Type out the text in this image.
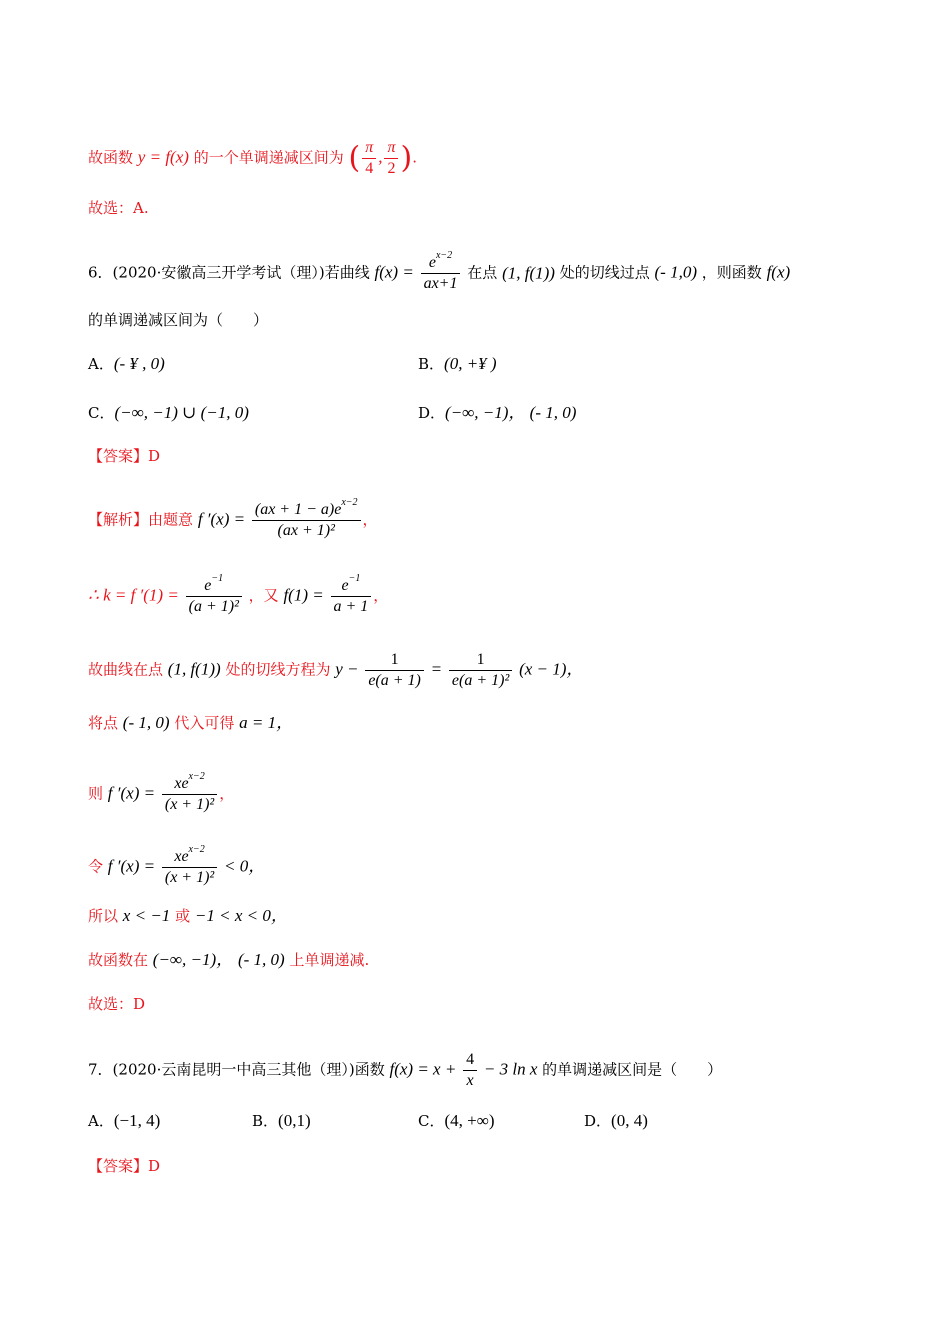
故函数 y = f(x) 的一个单调递减区间为 ( $\frac{\pi}{4}$ , $\frac{\pi}{2}$ ).
故选：A.
6．(2020·安徽高三开学考试（理）)若曲线 $f(x) = \frac{e^{x-2}}{ax+1}$ 在点 (1, f(1)) 处的切线过点 (- 1,0) ，则函数 f(x)
的单调递减区间为（　　）
A．(- ¥ , 0)	B．(0, +¥ )
C．(−∞, −1) ∪ (−1, 0)	D．(−∞, −1)， (- 1, 0)
【答案】D
【解析】由题意 f $'(x) = \frac{(ax + 1 - a)e^{x-2}}{\text{(ax + 1)²}}$ ，
∴ k = f $'(1) = \frac{e^{-1}}{\text{(a + 1)²}}$ ，又 $f(1) = \frac{e^{-1}}{a + 1}$ ，
故曲线在点 (1, f(1)) 处的切线方程为 $y - \frac{1}{e(a + 1)} = \frac{1}{\text{e(a + 1)²}} (x - 1)$，
将点 (- 1, 0) 代入可得 a = 1，
则 f $'(x) = \frac{xe^{x-2}}{\text{(x + 1)²}}$ ，
令 f $'(x) = \frac{xe^{x-2}}{\text{(x + 1)²}} < 0$，
所以 x < −1 或 −1 < x < 0，
故函数在 (−∞, −1)， (- 1, 0) 上单调递减.
故选：D
7．(2020·云南昆明一中高三其他（理）)函数 $f(x) = x + \frac{4}{x} - 3$ ln x 的单调递减区间是（　　）
A．(−1, 4)	B．(0,1)	C．(4, +∞)	D．(0, 4)
【答案】D
